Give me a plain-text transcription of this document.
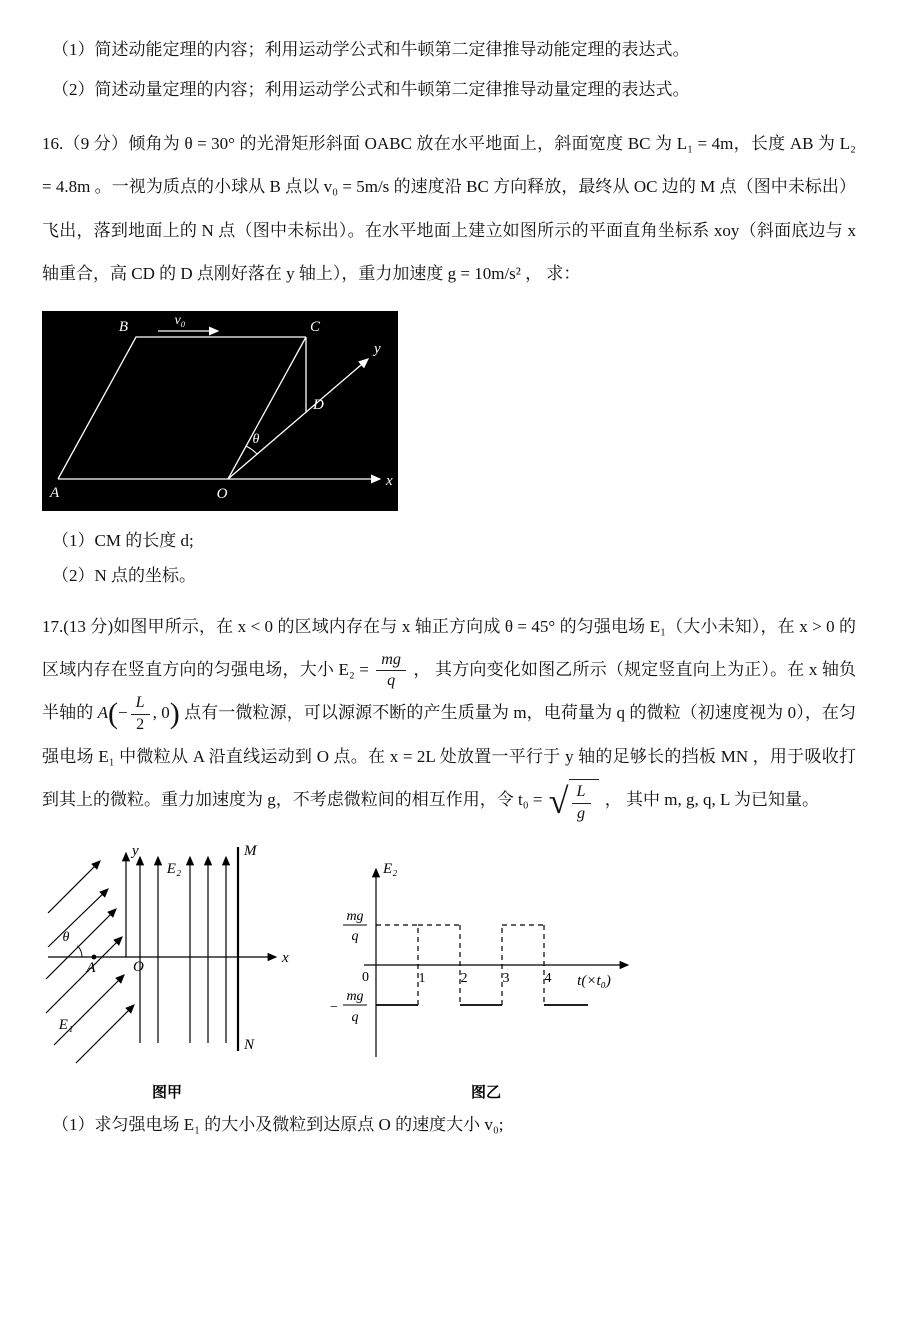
（1）简述动能定理的内容；利用运动学公式和牛顿第二定律推导动能定理的表达式。

（2）简述动量定理的内容；利用运动学公式和牛顿第二定律推导动量定理的表达式。

16.（9 分）倾角为 θ = 30° 的光滑矩形斜面 OABC 放在水平地面上，斜面宽度 BC 为 L₁ = 4m，长度 AB 为 L₂ = 4.8m 。一视为质点的小球从 B 点以 v₀ = 5m/s 的速度沿 BC 方向释放，最终从 OC 边的 M 点（图中未标出）飞出，落到地面上的 N 点（图中未标出）。在水平地面上建立如图所示的平面直角坐标系 xoy（斜面底边与 x 轴重合，高 CD 的 D 点刚好落在 y 轴上），重力加速度 g = 10m/s² ， 求：

B	v₀	C
y
D
θ
A	O
x

（1）CM 的长度 d;

（2）N 点的坐标。

17.(13 分)如图甲所示，在 x < 0 的区域内存在与 x 轴正方向成 θ = 45° 的匀强电场 E₁（大小未知），在 x > 0 的区域内存在竖直方向的匀强电场，大小 $E_2 = \frac{mg}{q}$ ， 其方向变化如图乙所示（规定竖直向上为正）。在 x 轴负半轴的 $A(- \frac{L}{2}$ , 0) 点有一微粒源，可以源源不断的产生质量为 m，电荷量为 q 的微粒（初速度视为 0），在匀强电场 E₁ 中微粒从 A 沿直线运动到 O 点。在 x = 2L 处放置一平行于 y 轴的足够长的挡板 MN ，用于吸收打到其上的微粒。重力加速度为 g，不考虑微粒间的相互作用，令 t₀ = √ $\frac{L}{g}$ ， 其中 m, g, q, L 为已知量。

y
x
O
A
θ
E₁
E₂
M
N
图甲
E₂
mg
q
−
mg
q
0	1	2	3	4 t(×t₀)
图乙

（1）求匀强电场 E₁ 的大小及微粒到达原点 O 的速度大小 v₀;
